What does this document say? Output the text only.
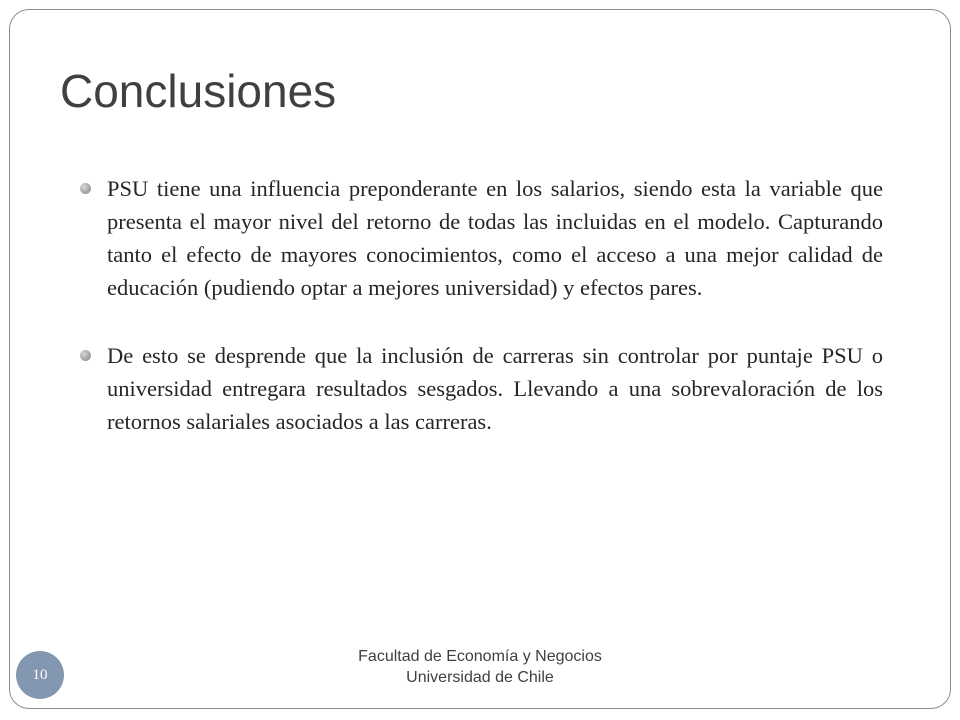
Conclusiones

PSU tiene una influencia preponderante en los salarios, siendo esta la variable que presenta el mayor nivel del retorno de todas las incluidas en el modelo. Capturando tanto el efecto de mayores conocimientos, como el acceso a una mejor calidad de educación (pudiendo optar a mejores universidad) y efectos pares.

De esto se desprende que la inclusión de carreras sin controlar por puntaje PSU o universidad entregara resultados sesgados. Llevando a una sobrevaloración de los retornos salariales asociados a las carreras.

Facultad de Economía y Negocios
Universidad de Chile
10
